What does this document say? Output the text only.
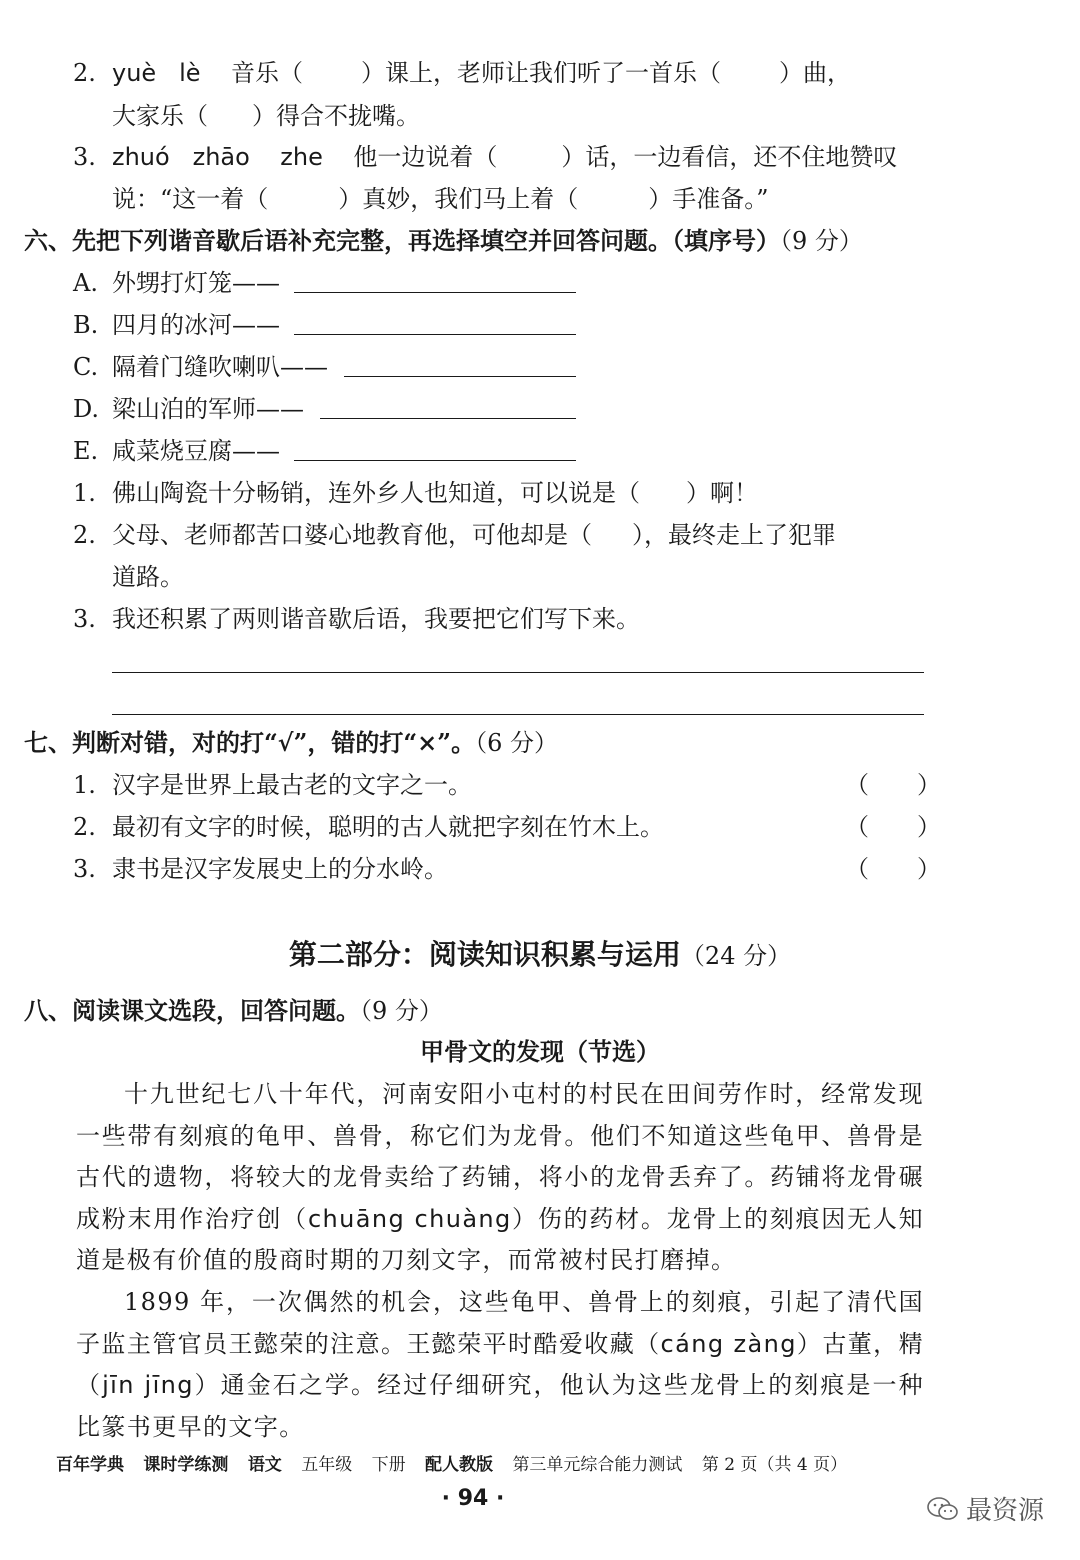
2. yuè   lè 音乐（ ）课上，老师让我们听了一首乐（ ）曲，
大家乐（ ）得合不拢嘴。
3. zhuó   zhāo    zhe 他一边说着（	）话，一边看信，还不住地赞叹
说：“这一着（	）真妙，我们马上着（	）手准备。”
六、先把下列谐音歇后语补充完整，再选择填空并回答问题。（填序号）（9 分）
A. 外甥打灯笼——
B. 四月的冰河——
C. 隔着门缝吹喇叭——
D. 梁山泊的军师——
E. 咸菜烧豆腐——
1. 佛山陶瓷十分畅销，连外乡人也知道，可以说是（ ）啊！
2. 父母、老师都苦口婆心地教育他，可他却是（ ），最终走上了犯罪
道路。
3. 我还积累了两则谐音歇后语，我要把它们写下来。
七、判断对错，对的打“√”，错的打“×”。（6 分）
1. 汉字是世界上最古老的文字之一。	（　　）
2. 最初有文字的时候，聪明的古人就把字刻在竹木上。	（　　）
3. 隶书是汉字发展史上的分水岭。	（　　）
第二部分：阅读知识积累与运用（24 分）
八、阅读课文选段，回答问题。（9 分）
甲骨文的发现（节选）

十九世纪七八十年代，河南安阳小屯村的村民在田间劳作时，经常发现一些带有刻痕的龟甲、兽骨，称它们为龙骨。他们不知道这些龟甲、兽骨是古代的遗物，将较大的龙骨卖给了药铺，将小的龙骨丢弃了。药铺将龙骨碾成粉末用作治疗创（chuāng chuàng）伤的药材。龙骨上的刻痕因无人知道是极有价值的殷商时期的刀刻文字，而常被村民打磨掉。

1899 年，一次偶然的机会，这些龟甲、兽骨上的刻痕，引起了清代国子监主管官员王懿荣的注意。王懿荣平时酷爱收藏（cáng zàng）古董，精（jīn jīng）通金石之学。经过仔细研究，他认为这些龙骨上的刻痕是一种比篆书更早的文字。

百年学典 课时学练测 语文 五年级 下册 配人教版 第三单元综合能力测试 第 2 页（共 4 页）
· 94 ·	最资源
